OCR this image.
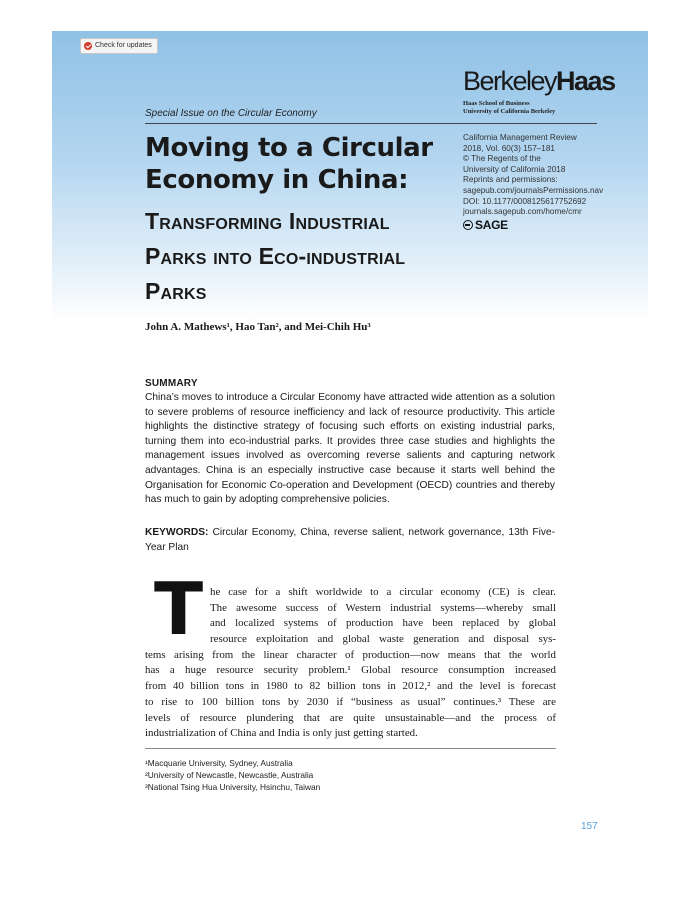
Check for updates
BerkeleyHaas
Haas School of Business
University of California Berkeley
Special Issue on the Circular Economy
Moving to a Circular Economy in China:
Transforming Industrial Parks into Eco-industrial Parks
California Management Review
2018, Vol. 60(3) 157–181
© The Regents of the
University of California 2018
Reprints and permissions:
sagepub.com/journalsPermissions.nav
DOI: 10.1177/0008125617752692
journals.sagepub.com/home/cmr
SAGE
John A. Mathews¹, Hao Tan², and Mei-Chih Hu³
SUMMARY

China’s moves to introduce a Circular Economy have attracted wide attention as a solution to severe problems of resource inefficiency and lack of resource productivity. This article highlights the distinctive strategy of focusing such efforts on existing industrial parks, turning them into eco-industrial parks. It provides three case studies and highlights the management issues involved as overcoming reverse salients and capturing network advantages. China is an especially instructive case because it starts well behind the Organisation for Economic Co-operation and Development (OECD) countries and thereby has much to gain by adopting comprehensive policies.

KEYWORDS: Circular Economy, China, reverse salient, network governance, 13th Five-Year Plan

T he case for a shift worldwide to a circular economy (CE) is clear.
The awesome success of Western industrial systems—whereby small
and localized systems of production have been replaced by global
resource exploitation and global waste generation and disposal sys-
tems arising from the linear character of production—now means that the world
has a huge resource security problem.¹ Global resource consumption increased
from 40 billion tons in 1980 to 82 billion tons in 2012,² and the level is forecast
to rise to 100 billion tons by 2030 if “business as usual” continues.³ These are
levels of resource plundering that are quite unsustainable—and the process of
industrialization of China and India is only just getting started.
¹Macquarie University, Sydney, Australia
²University of Newcastle, Newcastle, Australia
³National Tsing Hua University, Hsinchu, Taiwan
157
